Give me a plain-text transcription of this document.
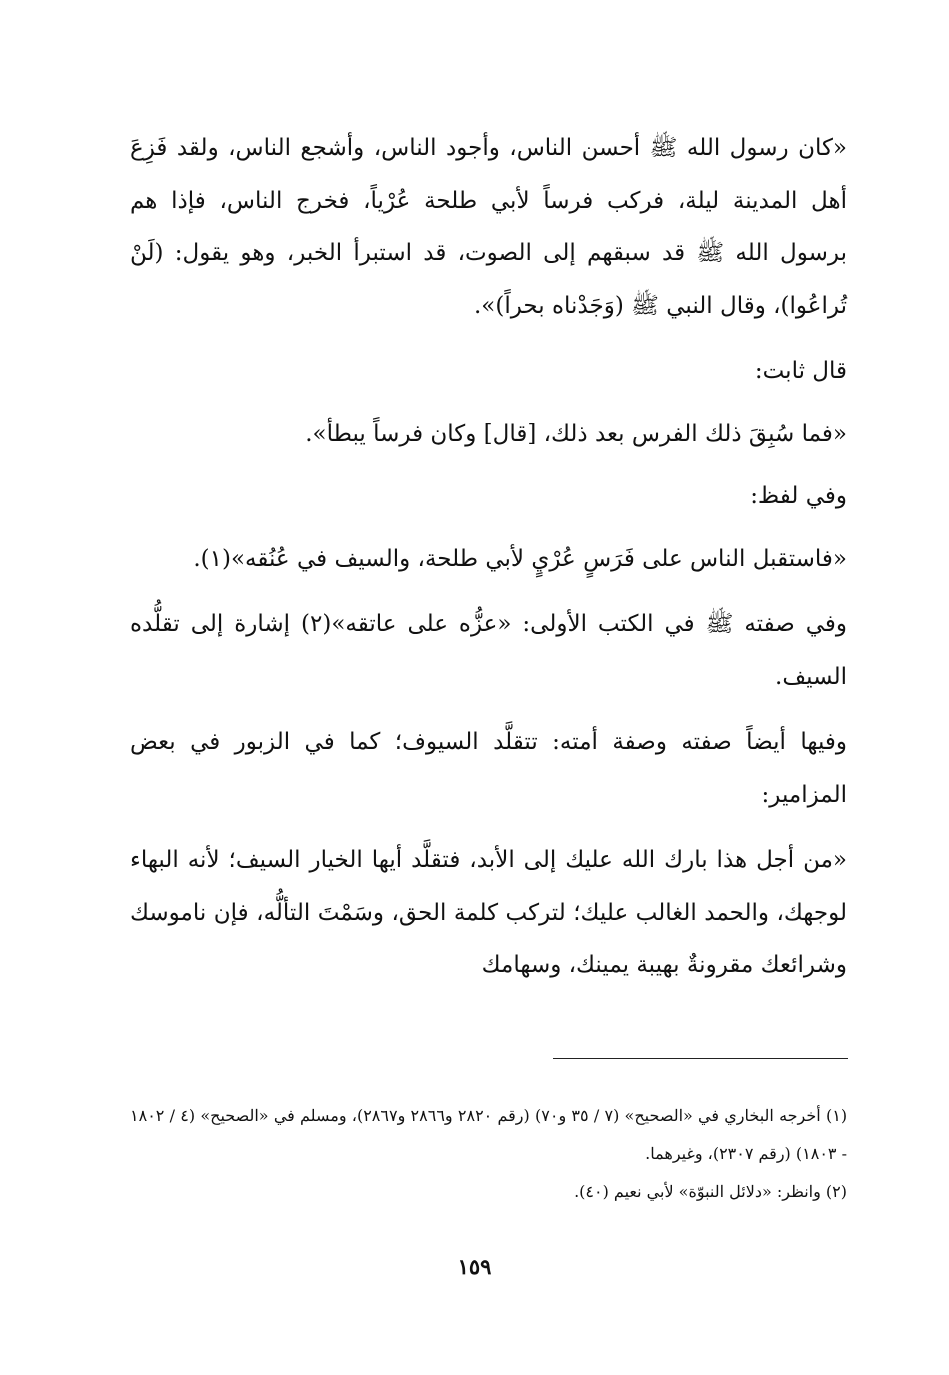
«كان رسول الله ﷺ أحسن الناس، وأجود الناس، وأشجع الناس، ولقد فَزِعَ أهل المدينة ليلة، فركب فرساً لأبي طلحة عُرْياً، فخرج الناس، فإذا هم برسول الله ﷺ قد سبقهم إلى الصوت، قد استبرأ الخبر، وهو يقول: (لَنْ تُراعُوا)، وقال النبي ﷺ (وَجَدْناه بحراً)».

قال ثابت:

«فما سُبِقَ ذلك الفرس بعد ذلك، [قال] وكان فرساً يبطأ».

وفي لفظ:

«فاستقبل الناس على فَرَسٍ عُرْيٍ لأبي طلحة، والسيف في عُنُقه»(١).

وفي صفته ﷺ في الكتب الأولى: «عزُّه على عاتقه»(٢) إشارة إلى تقلُّده السيف.

وفيها أيضاً صفته وصفة أمته: تتقلَّد السيوف؛ كما في الزبور في بعض المزامير:

«من أجل هذا بارك الله عليك إلى الأبد، فتقلَّد أيها الخيار السيف؛ لأنه البهاء لوجهك، والحمد الغالب عليك؛ لتركب كلمة الحق، وسَمْتَ التألُّه، فإن ناموسك وشرائعك مقرونةٌ بهيبة يمينك، وسهامك

(١) أخرجه البخاري في «الصحيح» (٧ / ٣٥ و٧٠) (رقم ٢٨٢٠ و٢٨٦٦ و٢٨٦٧)، ومسلم في «الصحيح» (٤ / ١٨٠٢ - ١٨٠٣) (رقم ٢٣٠٧)، وغيرهما.

(٢) وانظر: «دلائل النبوّة» لأبي نعيم (٤٠).

١٥٩
